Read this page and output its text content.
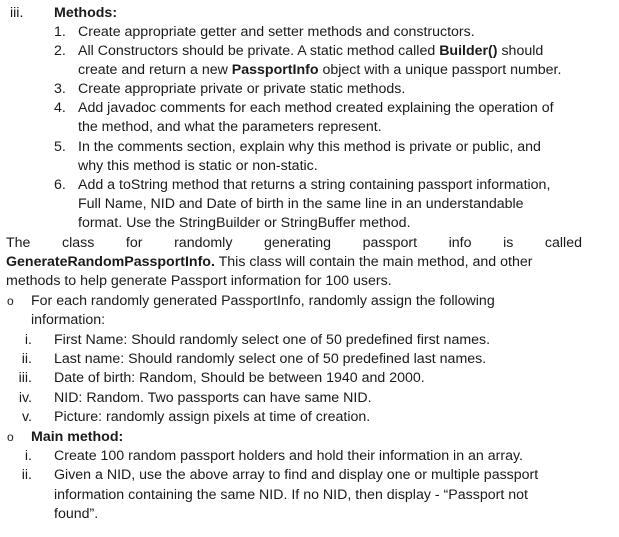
iii. Methods:
1. Create appropriate getter and setter methods and constructors.
2. All Constructors should be private. A static method called Builder() should
create and return a new PassportInfo object with a unique passport number.
3. Create appropriate private or private static methods.
4. Add javadoc comments for each method created explaining the operation of
the method, and what the parameters represent.
5. In the comments section, explain why this method is private or public, and
why this method is static or non-static.
6. Add a toString method that returns a string containing passport information,
Full Name, NID and Date of birth in the same line in an understandable
format. Use the StringBuilder or StringBuffer method.
The class for randomly generating passport info is called
GenerateRandomPassportInfo. This class will contain the main method, and other
methods to help generate Passport information for 100 users.
o For each randomly generated PassportInfo, randomly assign the following
information:
i. First Name: Should randomly select one of 50 predefined first names.
ii. Last name: Should randomly select one of 50 predefined last names.
iii. Date of birth: Random, Should be between 1940 and 2000.
iv. NID: Random. Two passports can have same NID.
v. Picture: randomly assign pixels at time of creation.
o Main method:
i. Create 100 random passport holders and hold their information in an array.
ii. Given a NID, use the above array to find and display one or multiple passport
information containing the same NID. If no NID, then display - “Passport not
found”.
